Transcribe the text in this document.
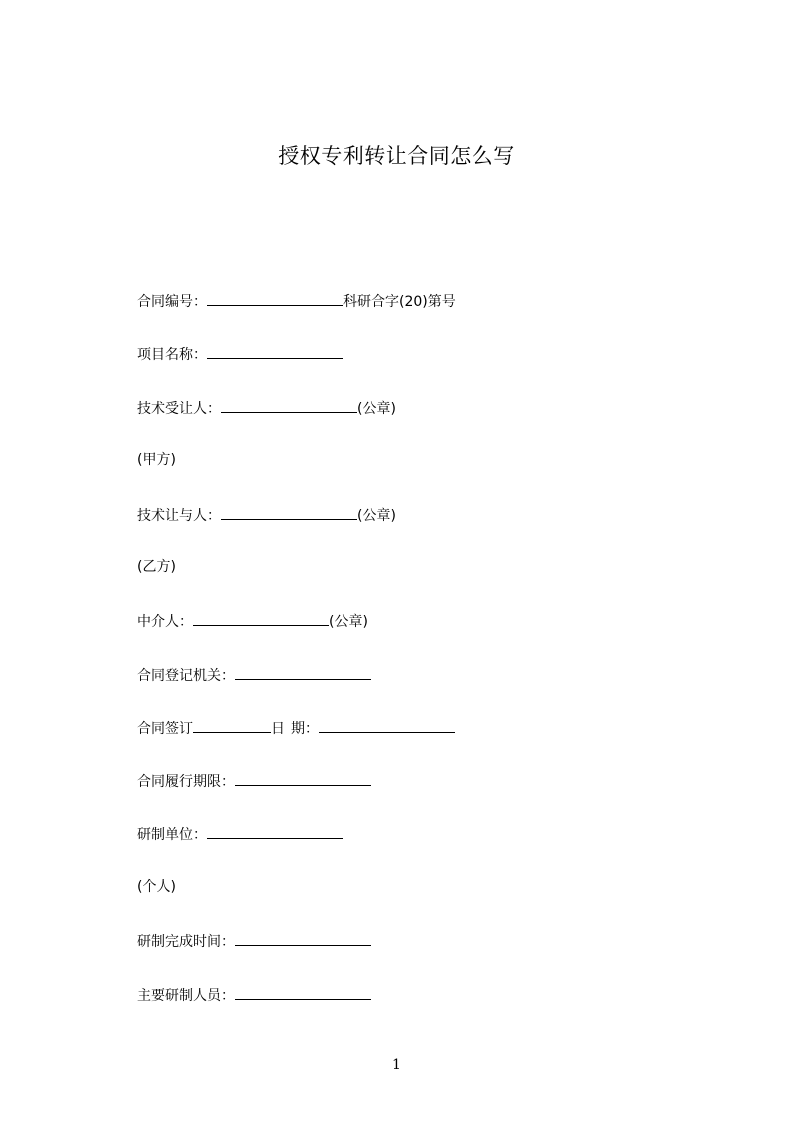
授权专利转让合同怎么写
合同编号：	科研合字(20)第号
项目名称：
技术受让人：	(公章)
(甲方)
技术让与人：	(公章)
(乙方)
中介人：	(公章)
合同登记机关：
合同签订	日 期：
合同履行期限：
研制单位：
(个人)
研制完成时间：
主要研制人员：
1
